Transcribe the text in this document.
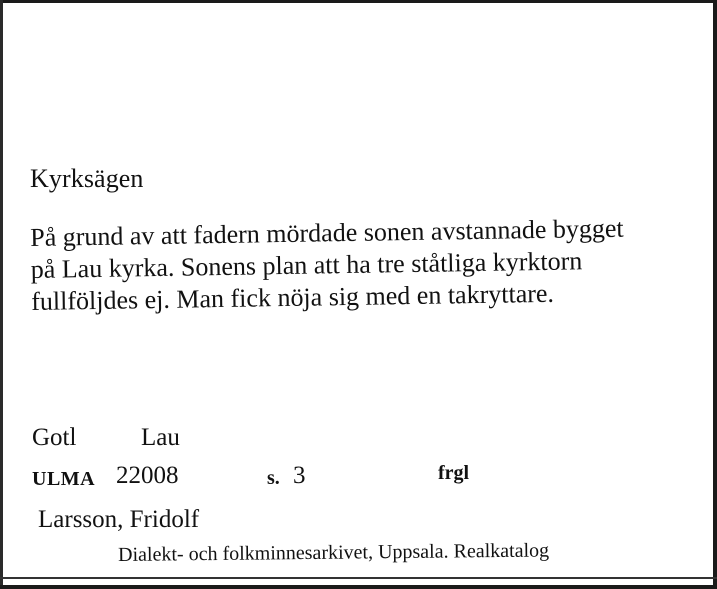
Kyrksägen
På grund av att fadern mördade sonen avstannade bygget
på Lau kyrka. Sonens plan att ha tre ståtliga kyrktorn
fullföljdes ej. Man fick nöja sig med en takryttare.
Gotl	Lau
ULMA 22008	s. 3	frgl
Larsson, Fridolf
Dialekt- och folkminnesarkivet, Uppsala. Realkatalog
